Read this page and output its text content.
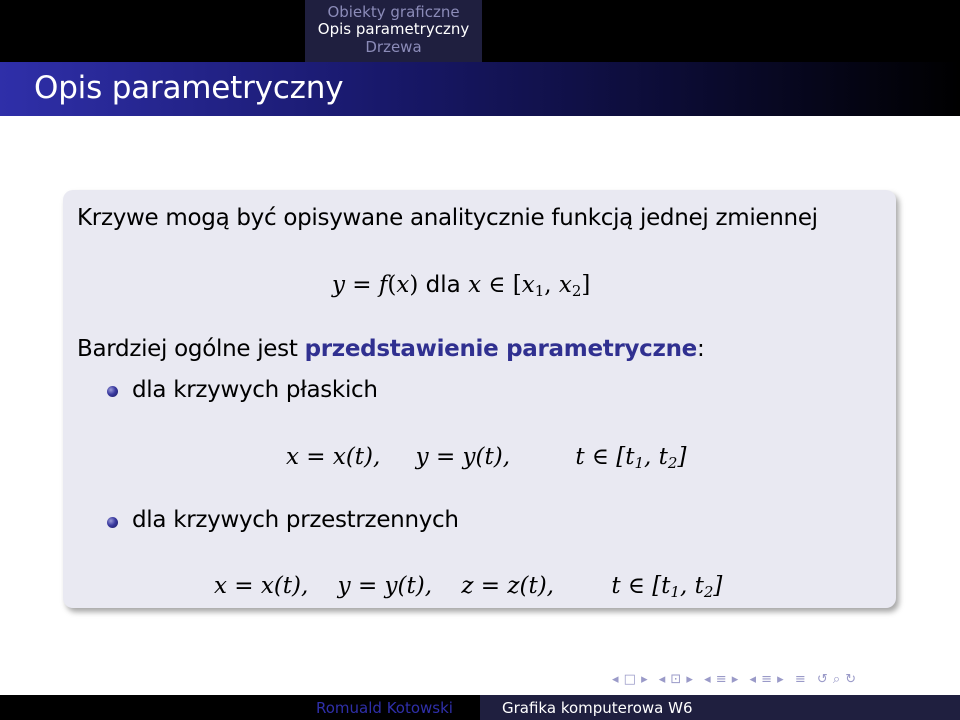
Obiekty graficzne
Opis parametryczny
Drzewa
Opis parametryczny
Krzywe mogą być opisywane analitycznie funkcją jednej zmiennej
y = f(x) dla x ∈ [$x_1$, $x_2$]
Bardziej ogólne jest przedstawienie parametryczne:
dla krzywych płaskich
x = x(t), y = y(t),	t ∈ [$t_1$, $t_2$]
dla krzywych przestrzennych
x = x(t), y = y(t), z = z(t), t ∈ [$t_1$, $t_2$]
◂ □ ▸ ◂ ⊡ ▸ ◂ ≡ ▸ ◂ ≡ ▸ ≡ ↺ ⌕ ↻
Romuald Kotowski	Grafika komputerowa W6
